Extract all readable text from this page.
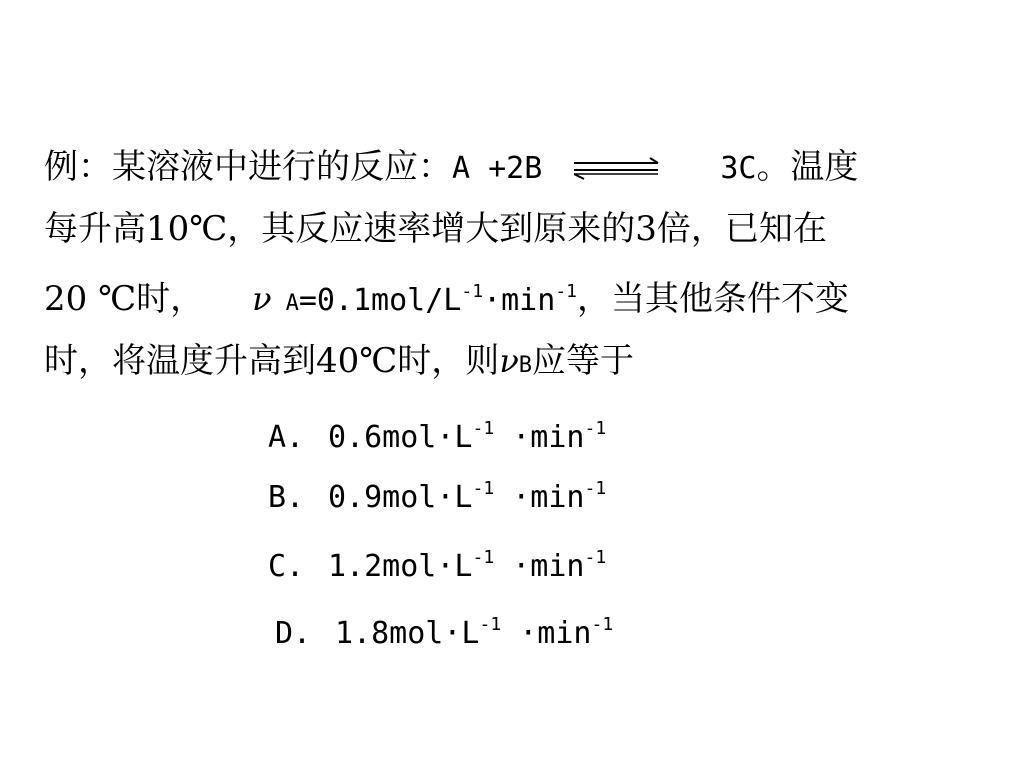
例：某溶液中进行的反应：A +2B	3C。温度
每升高10℃，其反应速率增大到原来的3倍，已知在
20 ℃时， ν $A=0.1mol/L^{-1}\cdot\min^{-1}$，当其他条件不变
时，将温度升高到40℃时，则νB应等于
A. $0.6mol\cdot L^{-1} \cdot\min^{-1}$
B. $0.9mol\cdot L^{-1} \cdot\min^{-1}$
C. $1.2mol\cdot L^{-1} \cdot\min^{-1}$
D. $1.8mol\cdot L^{-1} \cdot\min^{-1}$
